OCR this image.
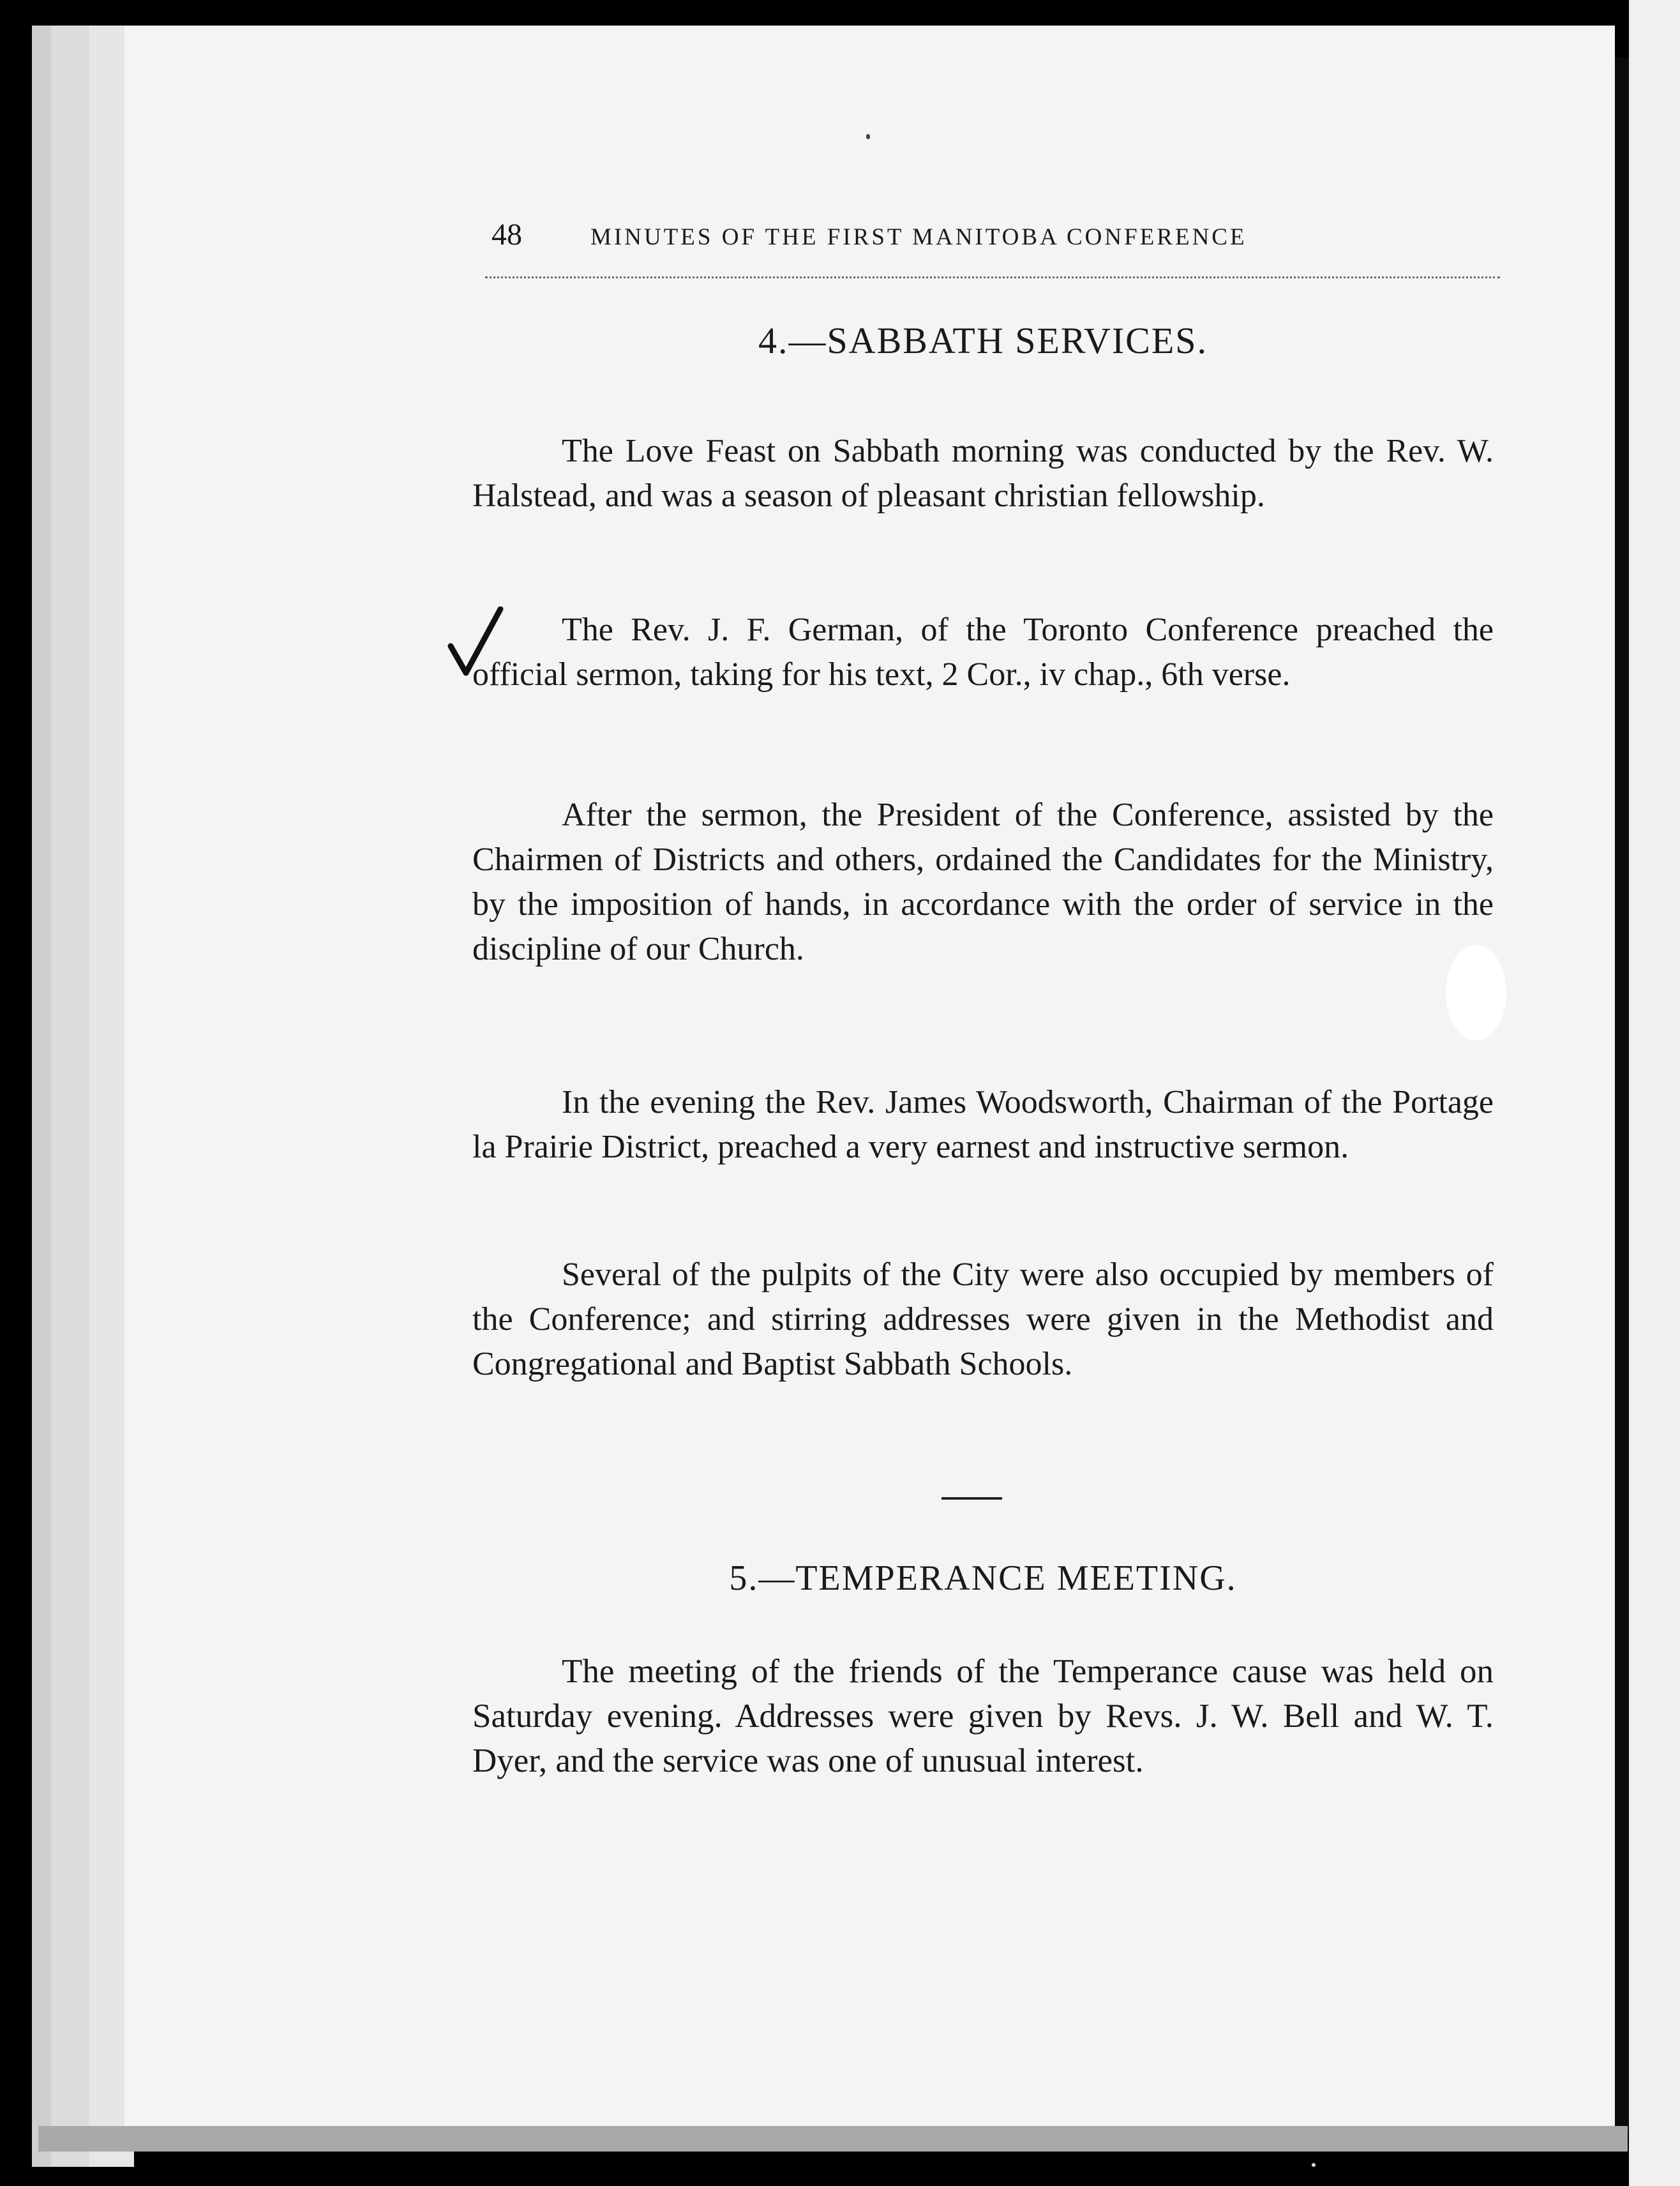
48	MINUTES OF THE FIRST MANITOBA CONFERENCE
4.—SABBATH SERVICES.

The Love Feast on Sabbath morning was conducted by the Rev. W. Halstead, and was a season of pleasant christian fellowship.

The Rev. J. F. German, of the Toronto Conference preached the official sermon, taking for his text, 2 Cor., iv chap., 6th verse.

After the sermon, the President of the Conference, assisted by the Chairmen of Districts and others, ordained the Candidates for the Ministry, by the imposition of hands, in accordance with the order of service in the discipline of our Church.

In the evening the Rev. James Woodsworth, Chairman of the Portage la Prairie District, preached a very earnest and instructive sermon.

Several of the pulpits of the City were also occupied by members of the Conference; and stirring addresses were given in the Methodist and Congregational and Baptist Sabbath Schools.

5.—TEMPERANCE MEETING.

The meeting of the friends of the Temperance cause was held on Saturday evening. Addresses were given by Revs. J. W. Bell and W. T. Dyer, and the service was one of unusual interest.
